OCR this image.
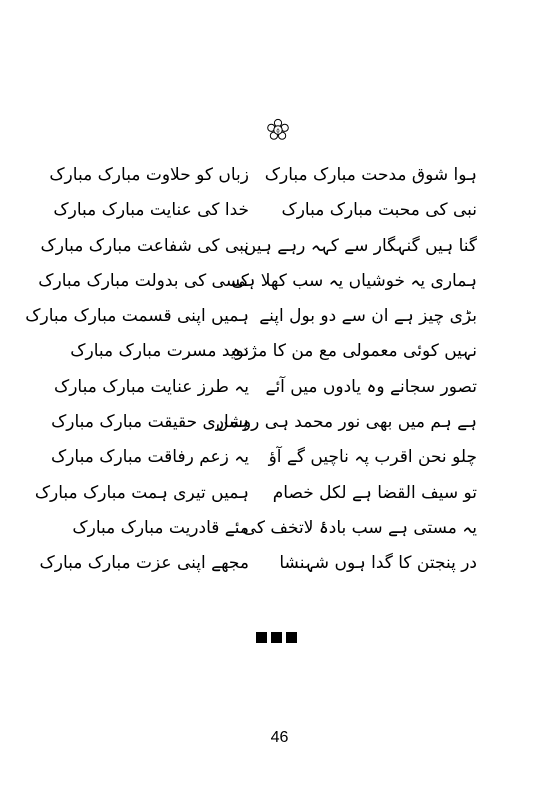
٥
ہوا شوق مدحت مبارک مبارک
زباں کو حلاوت مبارک مبارک
نبی کی محبت مبارک مبارک
خدا کی عنایت مبارک مبارک
گنا ہیں گنہگار سے کہہ رہے ہیں
نبی کی شفاعت مبارک مبارک
ہماری یہ خوشیاں یہ سب کھلا ہی
کسی کی بدولت مبارک مبارک
بڑی چیز ہے ان سے دو بول اپنے
ہمیں اپنی قسمت مبارک مبارک
نہیں کوئی معمولی مع من کا مژدہ
نوید مسرت مبارک مبارک
تصور سجانے وہ یادوں میں آئے
یہ طرز عنایت مبارک مبارک
ہے ہم میں بھی نور محمد ہی روشن
ہماری حقیقت مبارک مبارک
چلو نحن اقرب پہ ناچیں گے آؤ
یہ زعم رفاقت مبارک مبارک
تو سیف القضا ہے لکل خصام
ہمیں تیری ہمت مبارک مبارک
یہ مستی ہے سب بادۂ لاتخف کی
مئے قادریت مبارک مبارک
در پنجتن کا گدا ہوں شہنشا
مجھے اپنی عزت مبارک مبارک
46
